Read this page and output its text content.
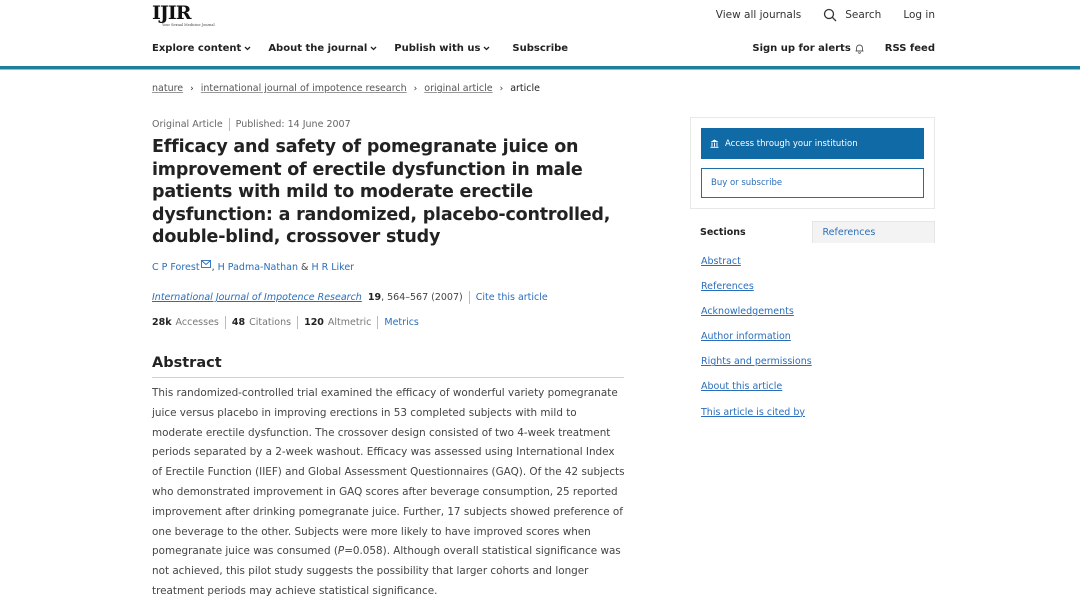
IJIR
Your Sexual Medicine Journal
View all journals	Search Log in
Explore content	About the journal	Publish with us	Subscribe	Sign up for alerts	RSS feed
nature › international journal of impotence research › original article › article
Original Article Published: 14 June 2007
Efficacy and safety of pomegranate juice on improvement of erectile dysfunction in male patients with mild to moderate erectile dysfunction: a randomized, placebo-controlled, double-blind, crossover study
C P Forest ,
H Padma-Nathan
&
H R Liker
International Journal of Impotence Research 19 , 564–567 (2007) Cite this article
28k Accesses 48 Citations 120 Altmetric Metrics
Abstract

This randomized-controlled trial examined the efficacy of wonderful variety pomegranate juice versus placebo in improving erections in 53 completed subjects with mild to moderate erectile dysfunction. The crossover design consisted of two 4-week treatment periods separated by a 2-week washout. Efficacy was assessed using International Index of Erectile Function (IIEF) and Global Assessment Questionnaires (GAQ). Of the 42 subjects who demonstrated improvement in GAQ scores after beverage consumption, 25 reported improvement after drinking pomegranate juice. Further, 17 subjects showed preference of one beverage to the other. Subjects were more likely to have improved scores when pomegranate juice was consumed (P=0.058). Although overall statistical significance was not achieved, this pilot study suggests the possibility that larger cohorts and longer treatment periods may achieve statistical significance.

Access through your institution
Buy or subscribe
Sections	References
Abstract
References
Acknowledgements
Author information
Rights and permissions
About this article
This article is cited by
